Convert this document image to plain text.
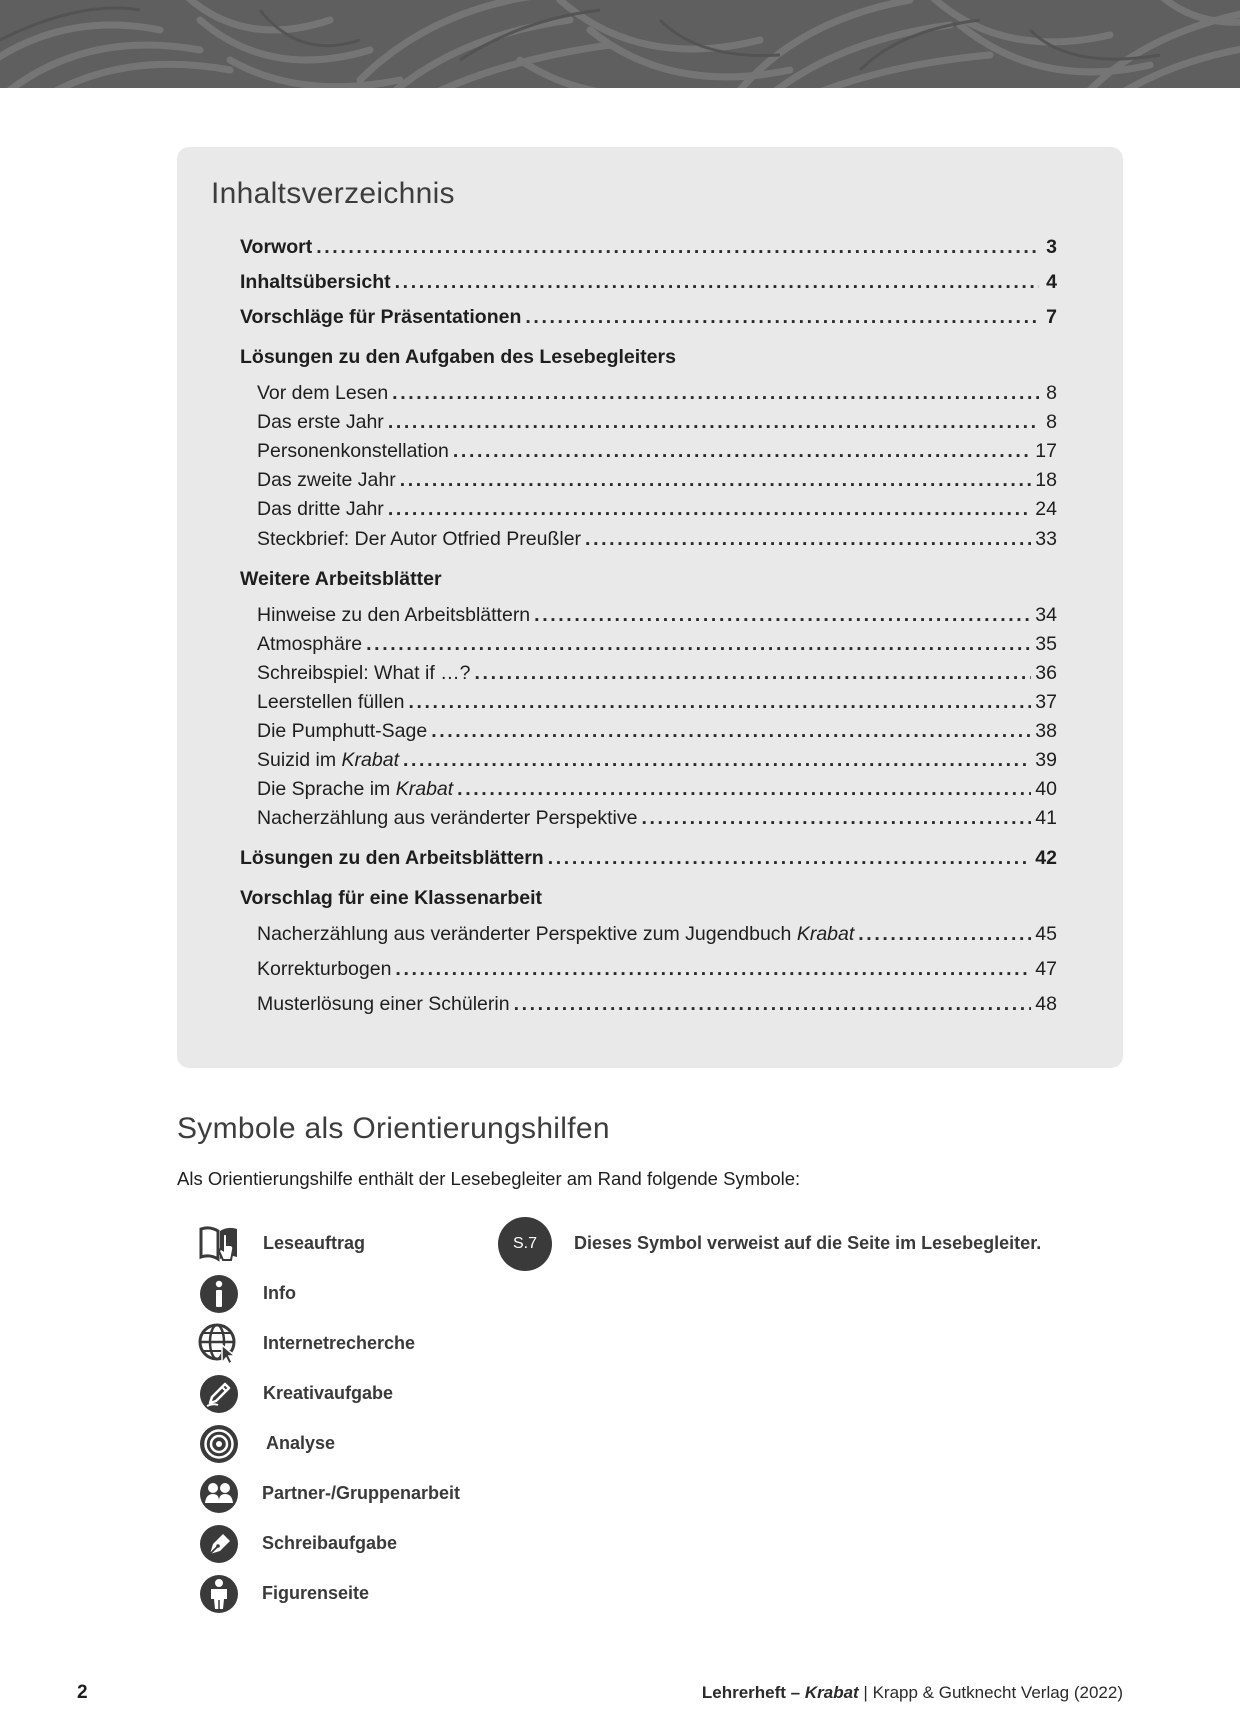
Inhaltsverzeichnis
Vorwort . . .	3
Inhaltsübersicht . . .	4
Vorschläge für Präsentationen . . .	7
Lösungen zu den Aufgaben des Lesebegleiters
Vor dem Lesen . . .	8
Das erste Jahr . . .	8
Personenkonstellation . . .	17
Das zweite Jahr . . .	18
Das dritte Jahr . . .	24
Steckbrief: Der Autor Otfried Preußler . . .	33
Weitere Arbeitsblätter
Hinweise zu den Arbeitsblättern . . .	34
Atmosphäre . . .	35
Schreibspiel: What if …? . . .	36
Leerstellen füllen . . .	37
Die Pumphutt-Sage . . .	38
Suizid im Krabat . . .	39
Die Sprache im Krabat . . .	40
Nacherzählung aus veränderter Perspektive . . .	41
Lösungen zu den Arbeitsblättern . . .	42
Vorschlag für eine Klassenarbeit
Nacherzählung aus veränderter Perspektive zum Jugendbuch Krabat . . .	45
Korrekturbogen . . .	47
Musterlösung einer Schülerin . . .	48
Symbole als Orientierungshilfen

Als Orientierungshilfe enthält der Lesebegleiter am Rand folgende Symbole:

Leseauftrag
Info
Internetrecherche
Kreativaufgabe
Analyse
Partner-/Gruppenarbeit
Schreibaufgabe
Figurenseite
S.7	Dieses Symbol verweist auf die Seite im Lesebegleiter.
2	Lehrerheft – Krabat | Krapp & Gutknecht Verlag (2022)
